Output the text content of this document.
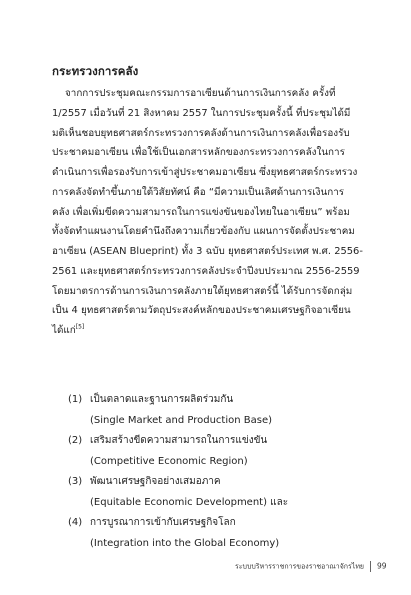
กระทรวงการคลัง
จากการประชุมคณะกรรมการอาเซียนด้านการเงินการคลัง ครั้งที่
1/2557 เมื่อวันที่ 21 สิงหาคม 2557 ในการประชุมครั้งนี้ ที่ประชุมได้มี
มติเห็นชอบยุทธศาสตร์กระทรวงการคลังด้านการเงินการคลังเพื่อรองรับ
ประชาคมอาเซียน เพื่อใช้เป็นเอกสารหลักของกระทรวงการคลังในการ
ดำเนินการเพื่อรองรับการเข้าสู่ประชาคมอาเซียน ซึ่งยุทธศาสตร์กระทรวง
การคลังจัดทำขึ้นภายใต้วิสัยทัศน์ คือ “มีความเป็นเลิศด้านการเงินการ
คลัง เพื่อเพิ่มขีดความสามารถในการแข่งขันของไทยในอาเซียน” พร้อม
ทั้งจัดทำแผนงานโดยคำนึงถึงความเกี่ยวข้องกับ แผนการจัดตั้งประชาคม
อาเซียน (ASEAN Blueprint) ทั้ง 3 ฉบับ ยุทธศาสตร์ประเทศ พ.ศ. 2556-
2561 และยุทธศาสตร์กระทรวงการคลังประจำปีงบประมาณ 2556-2559
โดยมาตรการด้านการเงินการคลังภายใต้ยุทธศาสตร์นี้ ได้รับการจัดกลุ่ม
เป็น 4 ยุทธศาสตร์ตามวัตถุประสงค์หลักของประชาคมเศรษฐกิจอาเซียน
ได้แก่[5]
(1) เป็นตลาดและฐานการผลิตร่วมกัน
(Single Market and Production Base)
(2) เสริมสร้างขีดความสามารถในการแข่งขัน
(Competitive Economic Region)
(3) พัฒนาเศรษฐกิจอย่างเสมอภาค
(Equitable Economic Development) และ
(4) การบูรณาการเข้ากับเศรษฐกิจโลก
(Integration into the Global Economy)
ระบบบริหารราชการของราชอาณาจักรไทย 99
